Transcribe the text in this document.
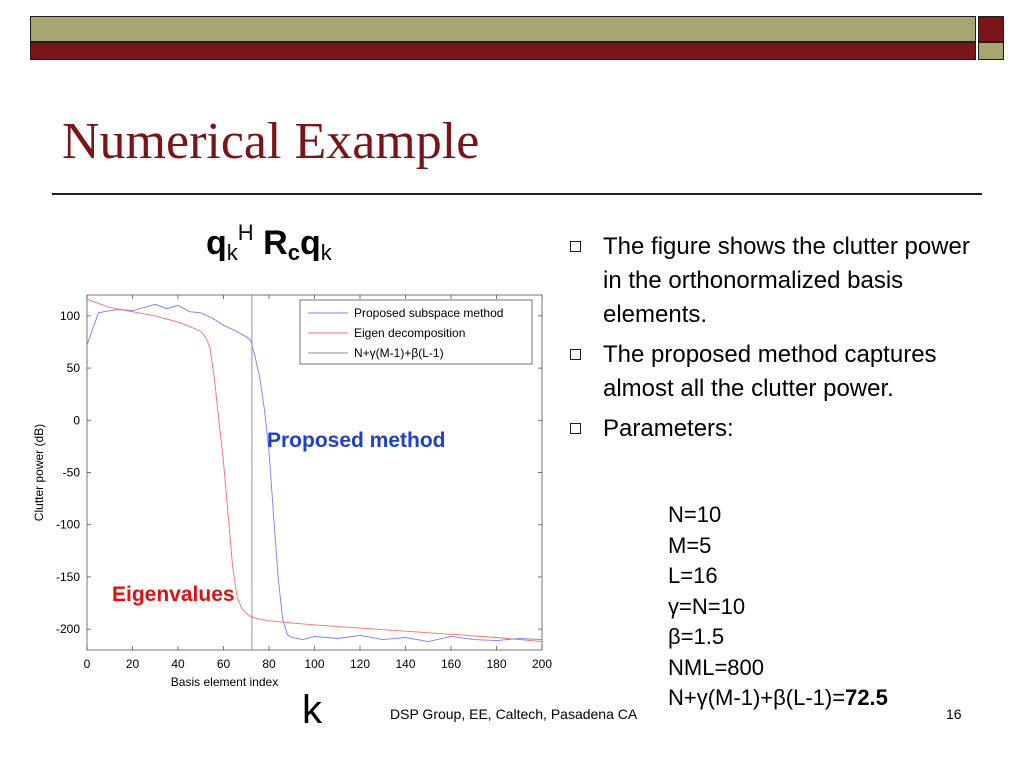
Numerical Example
$q_k^H$ $R_cq_k$
0	20	40	60	80 100 120 140 160 180 200
100
50
0
-50
-100
-150
-200
Basis element index
Clutter power (dB)
Proposed subspace method
Eigen decomposition
N+γ(M-1)+β(L-1)
Proposed method
Eigenvalues
The figure shows the clutter power in the orthonormalized basis elements.
The proposed method captures almost all the clutter power.
Parameters:
N=10
M=5
L=16
γ=N=10
β=1.5
NML=800
N+γ(M-1)+β(L-1)=72.5
k	DSP Group, EE, Caltech, Pasadena CA	16
